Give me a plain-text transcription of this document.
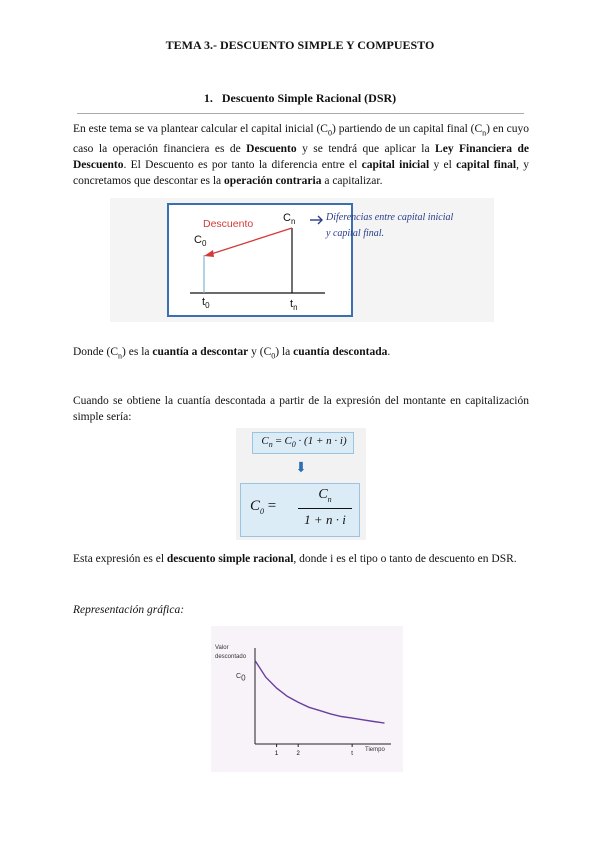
TEMA 3.- DESCUENTO SIMPLE Y COMPUESTO
1. Descuento Simple Racional (DSR)
En este tema se va plantear calcular el capital inicial $(C_0)$ partiendo de un capital final $(C_n)$ en cuyo caso la operación financiera es de Descuento y se tendrá que aplicar la Ley Financiera de Descuento. El Descuento es por tanto la diferencia entre el capital inicial y el capital final, y concretamos que descontar es la operación contraria a capitalizar.
Descuento	$C_n$
$C_0$
$t_0$	$t_n$
Diferencias entre capital inicial
y capital final.
Donde $(C_n)$ es la cuantía a descontar y $(C_0)$ la cuantía descontada.
Cuando se obtiene la cuantía descontada a partir de la expresión del montante en capitalización simple sería:
$C_n = C_0 \cdot (1 + n \cdot i)$
⬇
$C_0$ =
$C_n$
1 + n · i
Esta expresión es el descuento simple racional, donde i es el tipo o tanto de descuento en DSR.
Representación gráfica:
1	2	t
Valor
descontado
$C_0$
Tiempo
